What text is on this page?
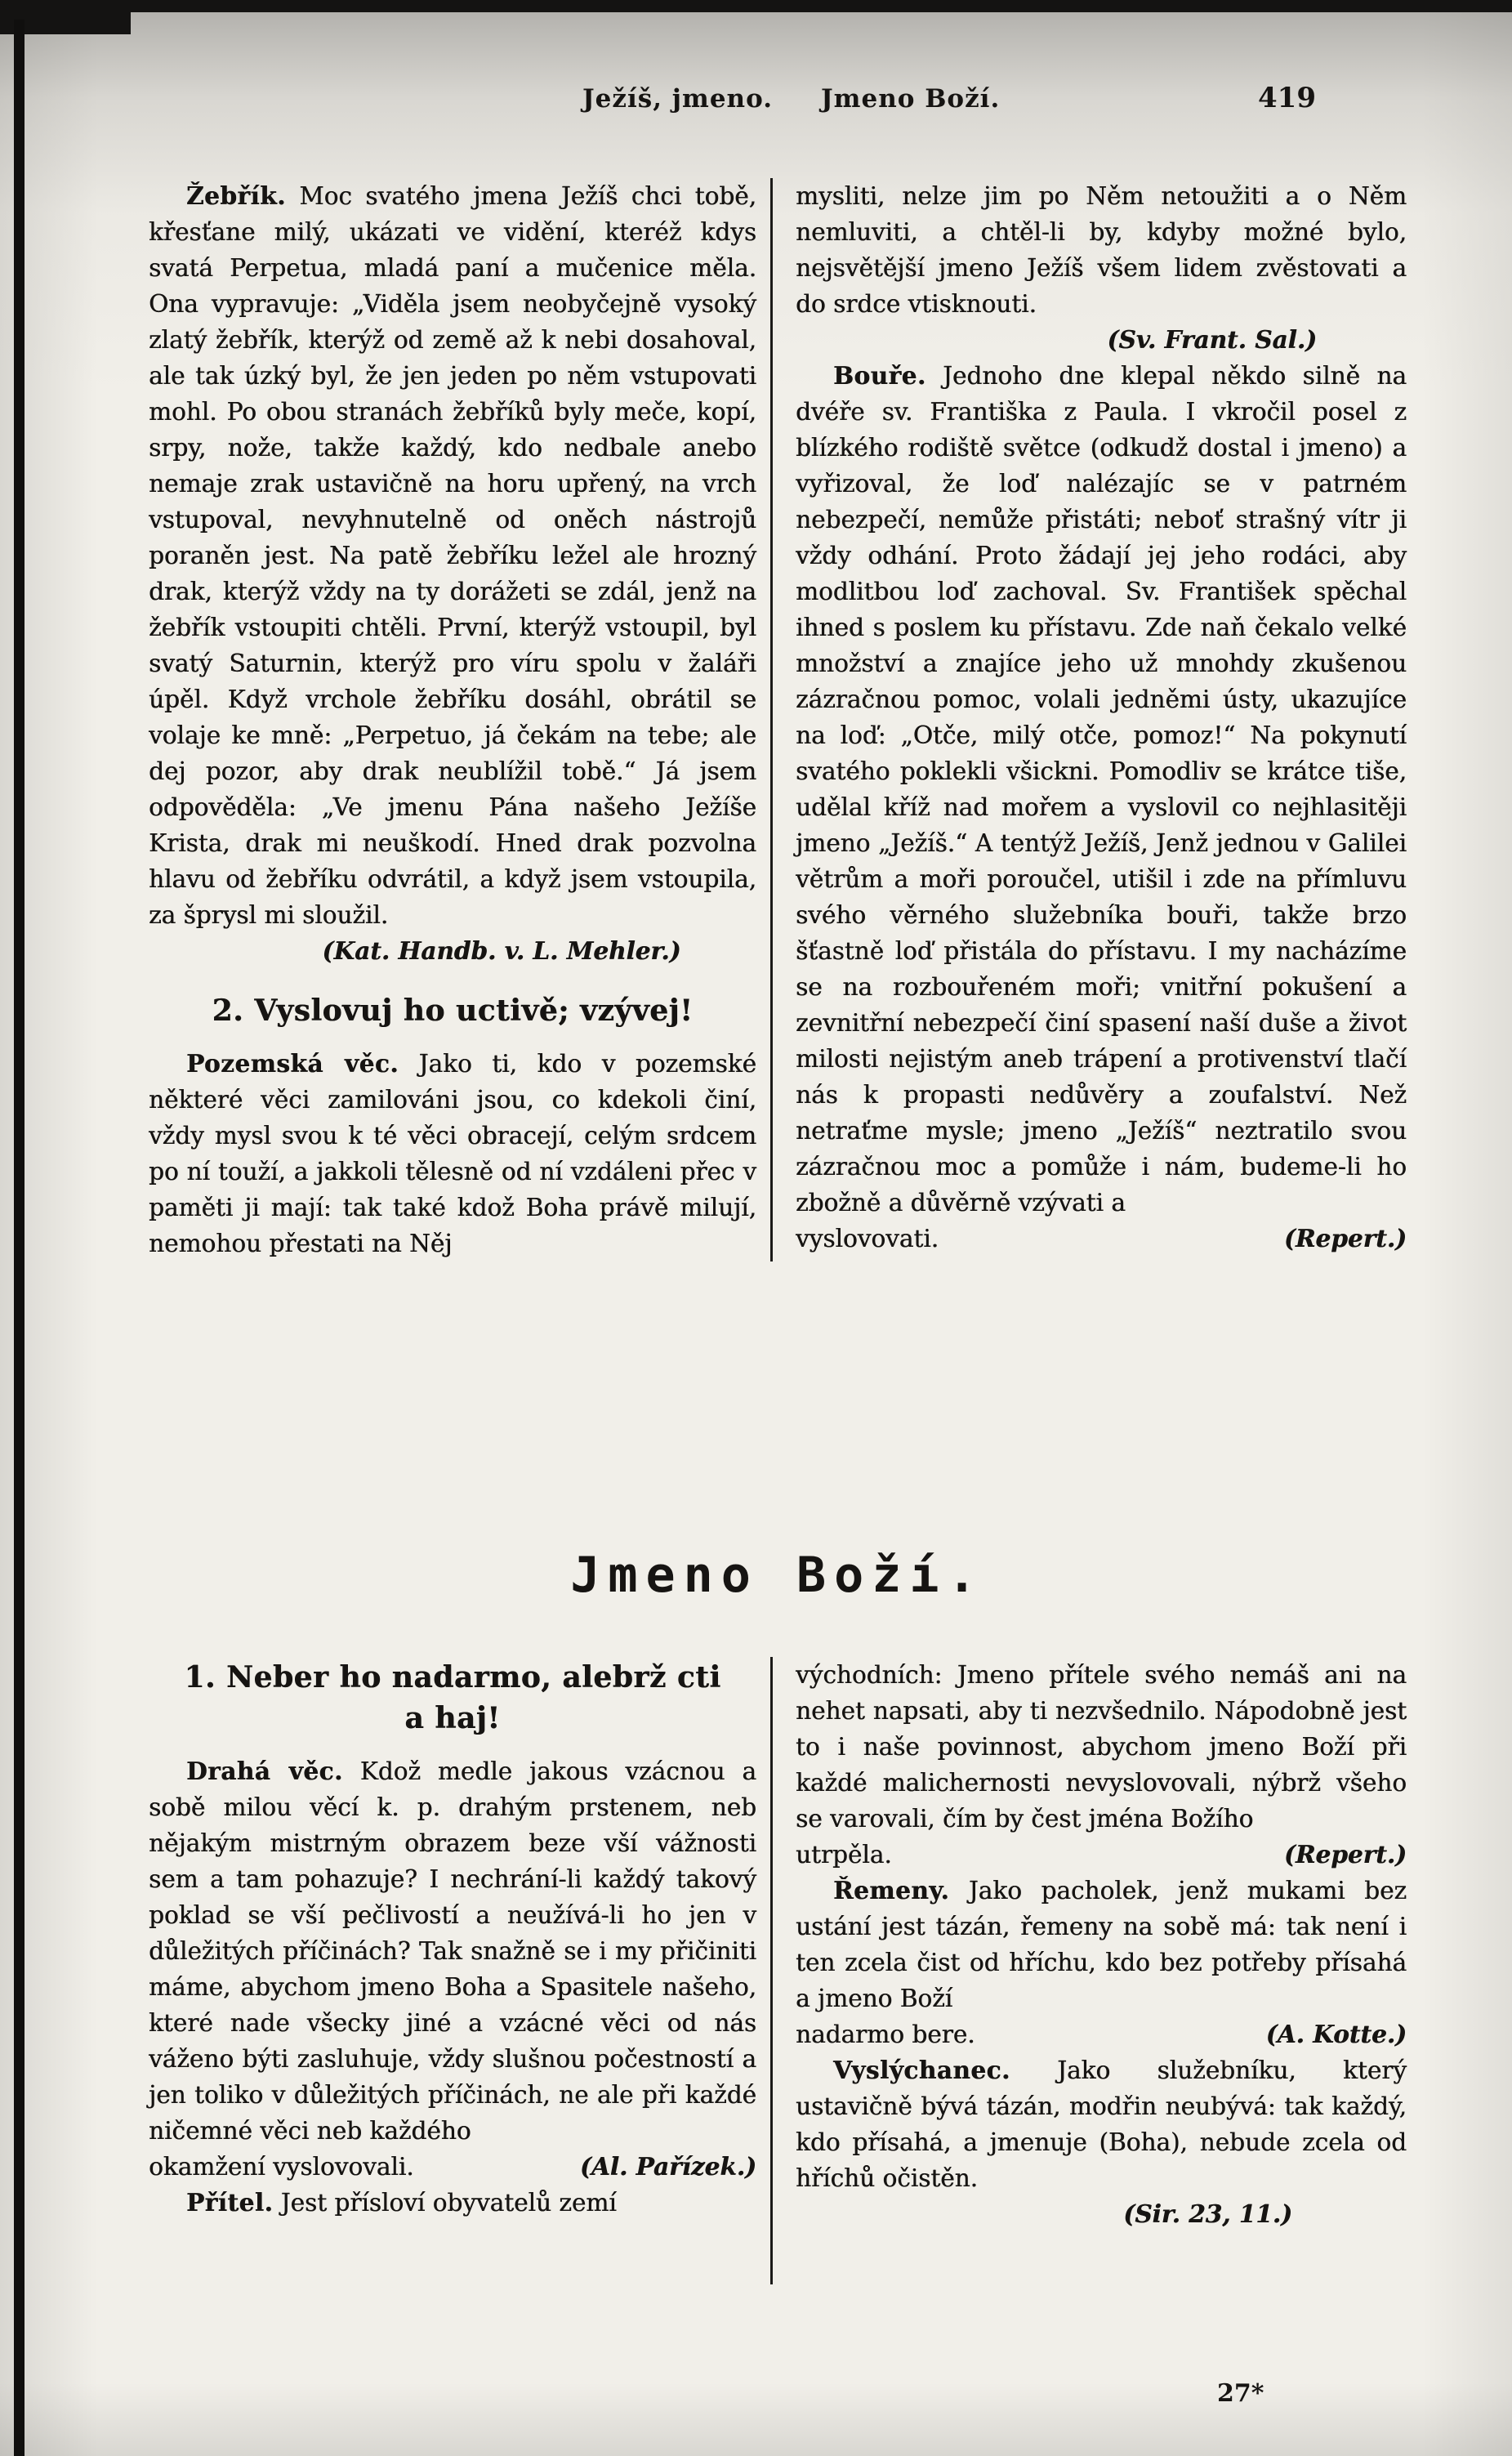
Ježíš, jmeno. Jmeno Boží.	419

Žebřík. Moc svatého jmena Ježíš chci tobě, křesťane milý, ukázati ve vidění, kteréž kdys svatá Perpetua, mladá paní a mučenice měla. Ona vypravuje: „Viděla jsem neobyčejně vysoký zlatý žebřík, kterýž od země až k nebi dosahoval, ale tak úzký byl, že jen jeden po něm vstupovati mohl. Po obou stranách žebříků byly meče, kopí, srpy, nože, takže každý, kdo nedbale anebo nemaje zrak ustavičně na horu upřený, na vrch vstupoval, nevyhnutelně od oněch nástrojů poraněn jest. Na patě žebříku ležel ale hrozný drak, kterýž vždy na ty dorážeti se zdál, jenž na žebřík vstoupiti chtěli. První, kterýž vstoupil, byl svatý Saturnin, kterýž pro víru spolu v žaláři úpěl. Když vrchole žebříku dosáhl, obrátil se volaje ke mně: „Perpetuo, já čekám na tebe; ale dej pozor, aby drak neublížil tobě.“ Já jsem odpověděla: „Ve jmenu Pána našeho Ježíše Krista, drak mi neuškodí. Hned drak pozvolna hlavu od žebříku odvrátil, a když jsem vstoupila, za šprysl mi sloužil.

(Kat. Handb. v. L. Mehler.)

2. Vyslovuj ho uctivě; vzývej!

Pozemská věc. Jako ti, kdo v pozemské některé věci zamilováni jsou, co kdekoli činí, vždy mysl svou k té věci obracejí, celým srdcem po ní touží, a jakkoli tělesně od ní vzdáleni přec v paměti ji mají: tak také kdož Boha právě milují, nemohou přestati na Něj

mysliti, nelze jim po Něm netoužiti a o Něm nemluviti, a chtěl-li by, kdyby možné bylo, nejsvětější jmeno Ježíš všem lidem zvěstovati a do srdce vtisknouti.

(Sv. Frant. Sal.)

Bouře. Jednoho dne klepal někdo silně na dvéře sv. Františka z Paula. I vkročil posel z blízkého rodiště světce (odkudž dostal i jmeno) a vyřizoval, že loď nalézajíc se v patrném nebezpečí, nemůže přistáti; neboť strašný vítr ji vždy odhání. Proto žádají jej jeho rodáci, aby modlitbou loď zachoval. Sv. František spěchal ihned s poslem ku přístavu. Zde naň čekalo velké množství a znajíce jeho už mnohdy zkušenou zázračnou pomoc, volali jedněmi ústy, ukazujíce na loď: „Otče, milý otče, pomoz!“ Na pokynutí svatého poklekli všickni. Pomodliv se krátce tiše, udělal kříž nad mořem a vyslovil co nejhlasitěji jmeno „Ježíš.“ A tentýž Ježíš, Jenž jednou v Galilei větrům a moři poroučel, utišil i zde na přímluvu svého věrného služebníka bouři, takže brzo šťastně loď přistála do přístavu. I my nacházíme se na rozbouřeném moři; vnitřní pokušení a zevnitřní nebezpečí činí spasení naší duše a život milosti nejistým aneb trápení a protivenství tlačí nás k propasti nedůvěry a zoufalství. Než netraťme mysle; jmeno „Ježíš“ neztratilo svou zázračnou moc a pomůže i nám, budeme-li ho zbožně a důvěrně vzývati a

vyslovovati.	(Repert.)
Jmeno Boží.
1. Neber ho nadarmo, alebrž cti
a haj!

Drahá věc. Kdož medle jakous vzácnou a sobě milou věcí k. p. drahým prstenem, neb nějakým mistrným obrazem beze vší vážnosti sem a tam pohazuje? I nechrání-li každý takový poklad se vší pečlivostí a neužívá-li ho jen v důležitých příčinách? Tak snažně se i my přičiniti máme, abychom jmeno Boha a Spasitele našeho, které nade všecky jiné a vzácné věci od nás váženo býti zasluhuje, vždy slušnou počestností a jen toliko v důležitých příčinách, ne ale při každé ničemné věci neb každého

okamžení vyslovovali.	(Al. Pařízek.)

Přítel. Jest přísloví obyvatelů zemí

východních: Jmeno přítele svého nemáš ani na nehet napsati, aby ti nezvšednilo. Nápodobně jest to i naše povinnost, abychom jmeno Boží při každé malichernosti nevyslovovali, nýbrž všeho se varovali, čím by čest jména Božího

utrpěla.	(Repert.)

Řemeny. Jako pacholek, jenž mukami bez ustání jest tázán, řemeny na sobě má: tak není i ten zcela čist od hříchu, kdo bez potřeby přísahá a jmeno Boží

nadarmo bere.	(A. Kotte.)

Vyslýchanec. Jako služebníku, který ustavičně bývá tázán, modřin neubývá: tak každý, kdo přísahá, a jmenuje (Boha), nebude zcela od hříchů očistěn.

(Sir. 23, 11.)

27*
